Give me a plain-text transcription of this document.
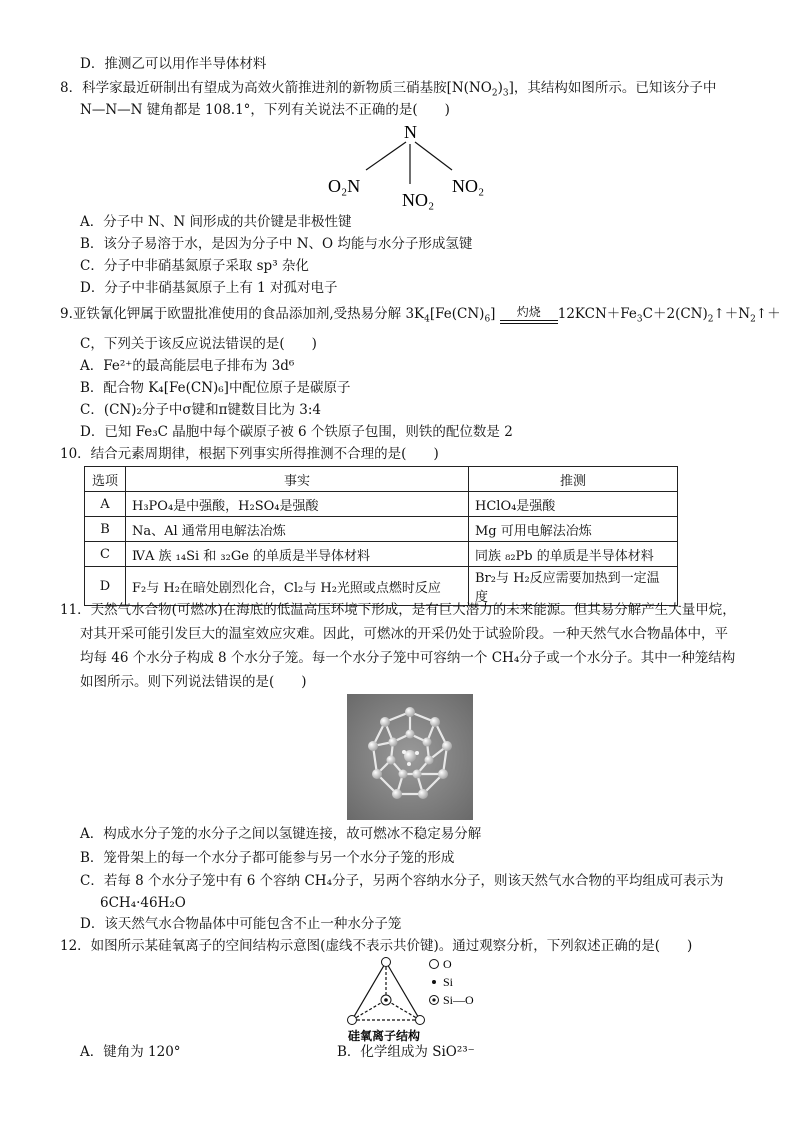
D．推测乙可以用作半导体材料
8．科学家最近研制出有望成为高效火箭推进剂的新物质三硝基胺$[N(NO_2)_3]$，其结构如图所示。已知该分子中
N—N—N 键角都是 108.1°，下列有关说法不正确的是(　　)
N
O₂N
NO₂
NO₂
A．分子中 N、N 间形成的共价键是非极性键
B．该分子易溶于水，是因为分子中 N、O 均能与水分子形成氢键
C．分子中非硝基氮原子采取 sp³ 杂化
D．分子中非硝基氮原子上有 1 对孤对电子
9.亚铁氰化钾属于欧盟批准使用的食品添加剂,受热易分解 $3K_4[Fe(CN)_6]$	灼烧	$12KCN+Fe_3C+2(CN)_2↑+N_2↑+$
C，下列关于该反应说法错误的是(　　)
A．Fe²⁺的最高能层电子排布为 3d⁶
B．配合物 K₄[Fe(CN)₆]中配位原子是碳原子
C．(CN)₂分子中σ键和π键数目比为 3:4
D．已知 Fe₃C 晶胞中每个碳原子被 6 个铁原子包围，则铁的配位数是 2
10．结合元素周期律，根据下列事实所得推测不合理的是(　　)
选项	事实	推测
A	H₃PO₄是中强酸，H₂SO₄是强酸	HClO₄是强酸
B	Na、Al 通常用电解法冶炼	Mg 可用电解法冶炼
C	ⅣA 族 ₁₄Si 和 ₃₂Ge 的单质是半导体材料	同族 ₈₂Pb 的单质是半导体材料
D	F₂与 H₂在暗处剧烈化合，Cl₂与 H₂光照或点燃时反应	Br₂与 H₂反应需要加热到一定温度
11．天然气水合物(可燃冰)在海底的低温高压环境下形成，是有巨大潜力的未来能源。但其易分解产生大量甲烷，
对其开采可能引发巨大的温室效应灾难。因此，可燃冰的开采仍处于试验阶段。一种天然气水合物晶体中，平
均每 46 个水分子构成 8 个水分子笼。每一个水分子笼中可容纳一个 CH₄分子或一个水分子。其中一种笼结构
如图所示。则下列说法错误的是(　　)
A．构成水分子笼的水分子之间以氢键连接，故可燃冰不稳定易分解
B．笼骨架上的每一个水分子都可能参与另一个水分子笼的形成
C．若每 8 个水分子笼中有 6 个容纳 CH₄分子，另两个容纳水分子，则该天然气水合物的平均组成可表示为
6CH₄·46H₂O
D．该天然气水合物晶体中可能包含不止一种水分子笼
12．如图所示某硅氧离子的空间结构示意图(虚线不表示共价键)。通过观察分析，下列叙述正确的是(　　)
O
Si
Si—O
硅氧离子结构
A．键角为 120°	B．化学组成为 SiO²³⁻
